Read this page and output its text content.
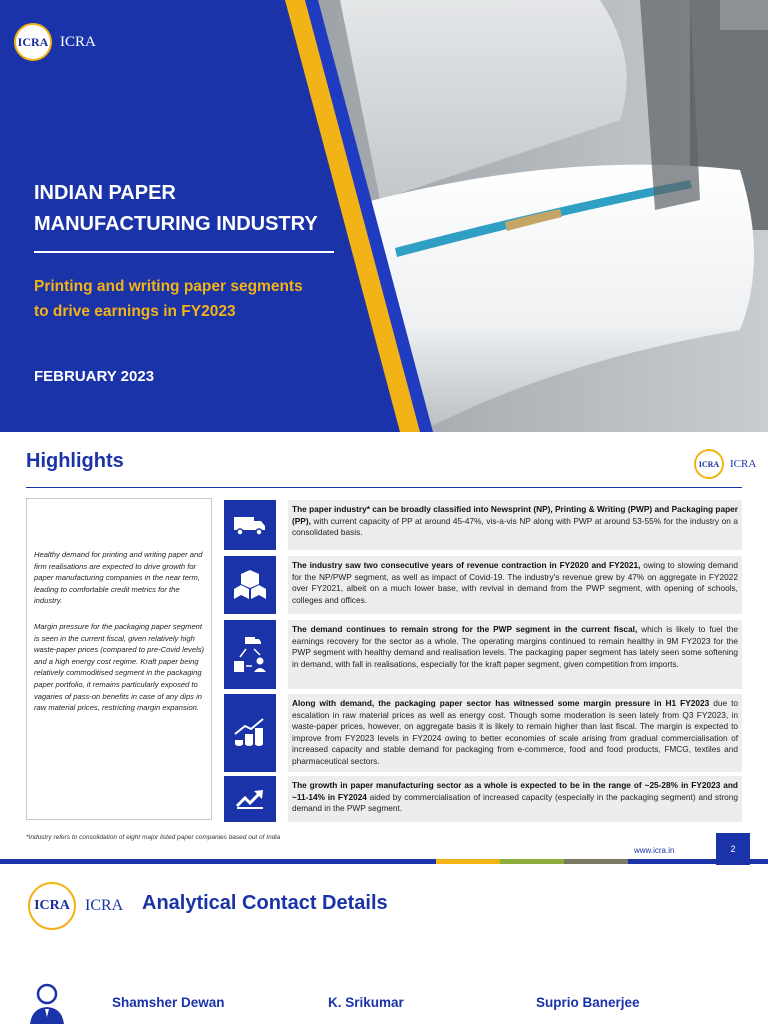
ICRA ICRA
INDIAN PAPER
MANUFACTURING INDUSTRY
Printing and writing paper segments
to drive earnings in FY2023
FEBRUARY 2023
Highlights	ICRA ICRA

Healthy demand for printing and writing paper and firm realisations are expected to drive growth for paper manufacturing companies in the near term, leading to comfortable credit metrics for the industry.

Margin pressure for the packaging paper segment is seen in the current fiscal, given relatively high waste-paper prices (compared to pre-Covid levels) and a high energy cost regime. Kraft paper being relatively commoditised segment in the packaging paper portfolio, it remains particularly exposed to vagaries of pass-on benefits in case of any dips in raw material prices, restricting margin expansion.

The paper industry* can be broadly classified into Newsprint (NP), Printing & Writing (PWP) and Packaging paper (PP), with current capacity of PP at around 45-47%, vis-a-vis NP along with PWP at around 53-55% for the industry on a consolidated basis.
The industry saw two consecutive years of revenue contraction in FY2020 and FY2021, owing to slowing demand for the NP/PWP segment, as well as impact of Covid-19. The industry's revenue grew by 47% on aggregate in FY2022 over FY2021, albeit on a much lower base, with revival in demand from the PWP segment, with opening of schools, colleges and offices.
The demand continues to remain strong for the PWP segment in the current fiscal, which is likely to fuel the earnings recovery for the sector as a whole. The operating margins continued to remain healthy in 9M FY2023 for the PWP segment with healthy demand and realisation levels. The packaging paper segment has lately seen some softening in demand, with fall in realisations, especially for the kraft paper segment, given competition from imports.
Along with demand, the packaging paper sector has witnessed some margin pressure in H1 FY2023 due to escalation in raw material prices as well as energy cost. Though some moderation is seen lately from Q3 FY2023, in waste-paper prices, however, on aggregate basis it is likely to remain higher than last fiscal. The margin is expected to improve from FY2023 levels in FY2024 owing to better economies of scale arising from gradual commercialisation of increased capacity and stable demand for packaging from e-commerce, food and food products, FMCG, textiles and pharmaceutical sectors.
The growth in paper manufacturing sector as a whole is expected to be in the range of ~25-28% in FY2023 and ~11-14% in FY2024 aided by commercialisation of increased capacity (especially in the packaging segment) and strong demand in the PWP segment.
*Industry refers to consolidation of eight major listed paper companies based out of India
www.icra.in	2
ICRA ICRA Analytical Contact Details
Shamsher Dewan	K. Srikumar	Suprio Banerjee
